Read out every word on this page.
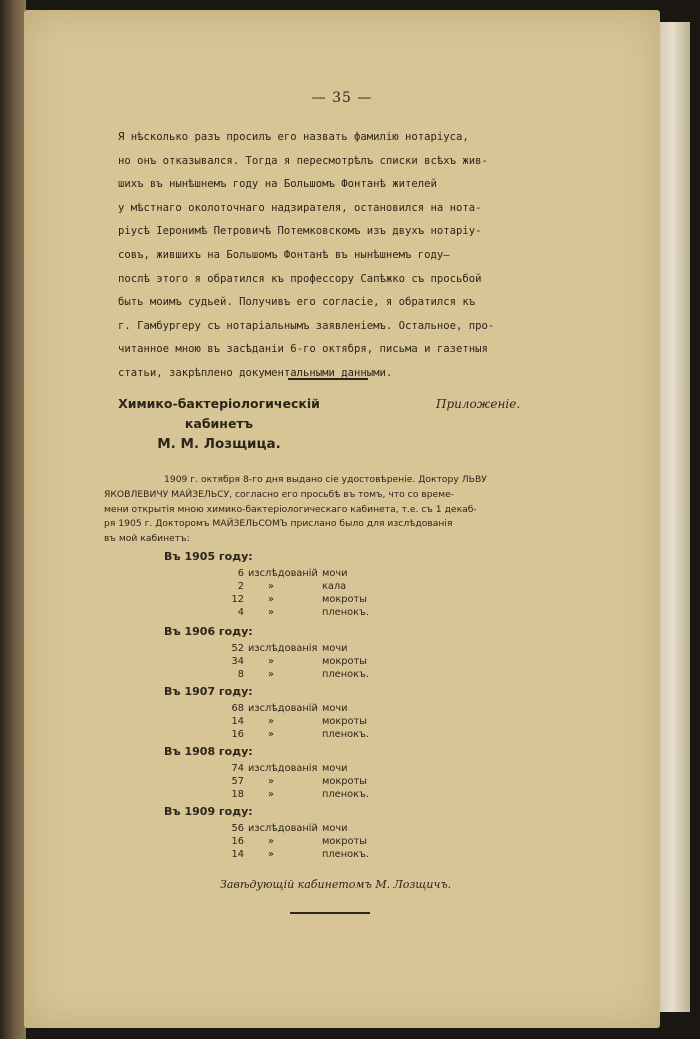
— 35 —
Я нѣсколько разъ просилъ его назвать фамилію нотаріуса,
но онъ отказывался. Тогда я пересмотрѣлъ списки всѣхъ жив-
шихъ въ нынѣшнемъ году на Большомъ Фонтанѣ жителей
у мѣстнаго околоточнаго надзирателя, остановился на нота-
ріусѣ Іеронимѣ Петровичѣ Потемковскомъ изъ двухъ нотаріу-
совъ, жившихъ на Большомъ Фонтанѣ въ нынѣшнемъ году—
послѣ этого я обратился къ профессору Сапѣжко съ просьбой
быть моимъ судьей. Получивъ его согласіе, я обратился къ
г. Гамбургеру съ нотаріальнымъ заявленіемъ. Остальное, про-
читанное мною въ засѣданіи 6-го октября, письма и газетныя
статьи, закрѣплено документальными данными.
Химико-бактеріологическій
кабинетъ
М. М. Лозщица.
Приложеніе.
1909 г. октября 8-го дня выдано сіе удостовѣреніе. Доктору ЛЬВУ
ЯКОВЛЕВИЧУ МАЙЗЕЛЬСУ, согласно его просьбѣ въ томъ, что со време-
мени открытія мною химико-бактеріологическаго кабинета, т.е. съ 1 декаб-
ря 1905 г. Докторомъ МАЙЗЕЛЬСОМЪ прислано было для изслѣдованія
въ мой кабинетъ:
Въ 1905 году:
6 изслѣдованій мочи
2 »	кала
12 »	мокроты
4 »	пленокъ.
Въ 1906 году:
52 изслѣдованія мочи
34 »	мокроты
8 »	пленокъ.
Въ 1907 году:
68 изслѣдованій мочи
14 »	мокроты
16 »	пленокъ.
Въ 1908 году:
74 изслѣдованія мочи
57 »	мокроты
18 »	пленокъ.
Въ 1909 году:
56 изслѣдованій мочи
16 »	мокроты
14 »	пленокъ.
Завѣдующій кабинетомъ М. Лозщичъ.
